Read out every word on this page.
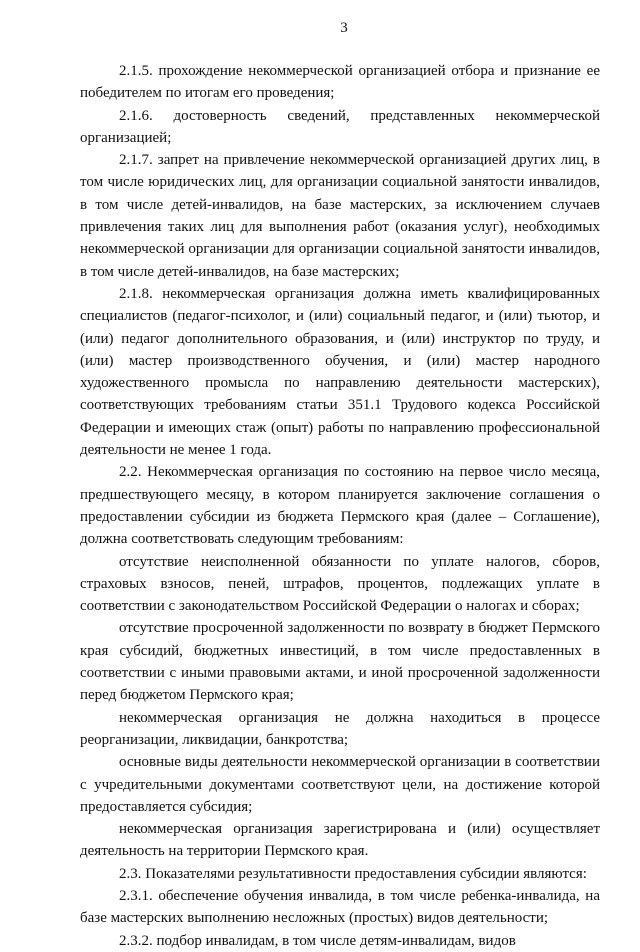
3

2.1.5. прохождение некоммерческой организацией отбора и признание ее победителем по итогам его проведения;

2.1.6. достоверность сведений, представленных некоммерческой организацией;

2.1.7. запрет на привлечение некоммерческой организацией других лиц, в том числе юридических лиц, для организации социальной занятости инвалидов, в том числе детей-инвалидов, на базе мастерских, за исключением случаев привлечения таких лиц для выполнения работ (оказания услуг), необходимых некоммерческой организации для организации социальной занятости инвалидов, в том числе детей-инвалидов, на базе мастерских;

2.1.8. некоммерческая организация должна иметь квалифицированных специалистов (педагог-психолог, и (или) социальный педагог, и (или) тьютор, и (или) педагог дополнительного образования, и (или) инструктор по труду, и (или) мастер производственного обучения, и (или) мастер народного художественного промысла по направлению деятельности мастерских), соответствующих требованиям статьи 351.1 Трудового кодекса Российской Федерации и имеющих стаж (опыт) работы по направлению профессиональной деятельности не менее 1 года.

2.2. Некоммерческая организация по состоянию на первое число месяца, предшествующего месяцу, в котором планируется заключение соглашения о предоставлении субсидии из бюджета Пермского края (далее – Соглашение), должна соответствовать следующим требованиям:

отсутствие неисполненной обязанности по уплате налогов, сборов, страховых взносов, пеней, штрафов, процентов, подлежащих уплате в соответствии с законодательством Российской Федерации о налогах и сборах;

отсутствие просроченной задолженности по возврату в бюджет Пермского края субсидий, бюджетных инвестиций, в том числе предоставленных в соответствии с иными правовыми актами, и иной просроченной задолженности перед бюджетом Пермского края;

некоммерческая организация не должна находиться в процессе реорганизации, ликвидации, банкротства;

основные виды деятельности некоммерческой организации в соответствии с учредительными документами соответствуют цели, на достижение которой предоставляется субсидия;

некоммерческая организация зарегистрирована и (или) осуществляет деятельность на территории Пермского края.

2.3. Показателями результативности предоставления субсидии являются:

2.3.1. обеспечение обучения инвалида, в том числе ребенка-инвалида, на базе мастерских выполнению несложных (простых) видов деятельности;

2.3.2. подбор инвалидам, в том числе детям-инвалидам, видов
